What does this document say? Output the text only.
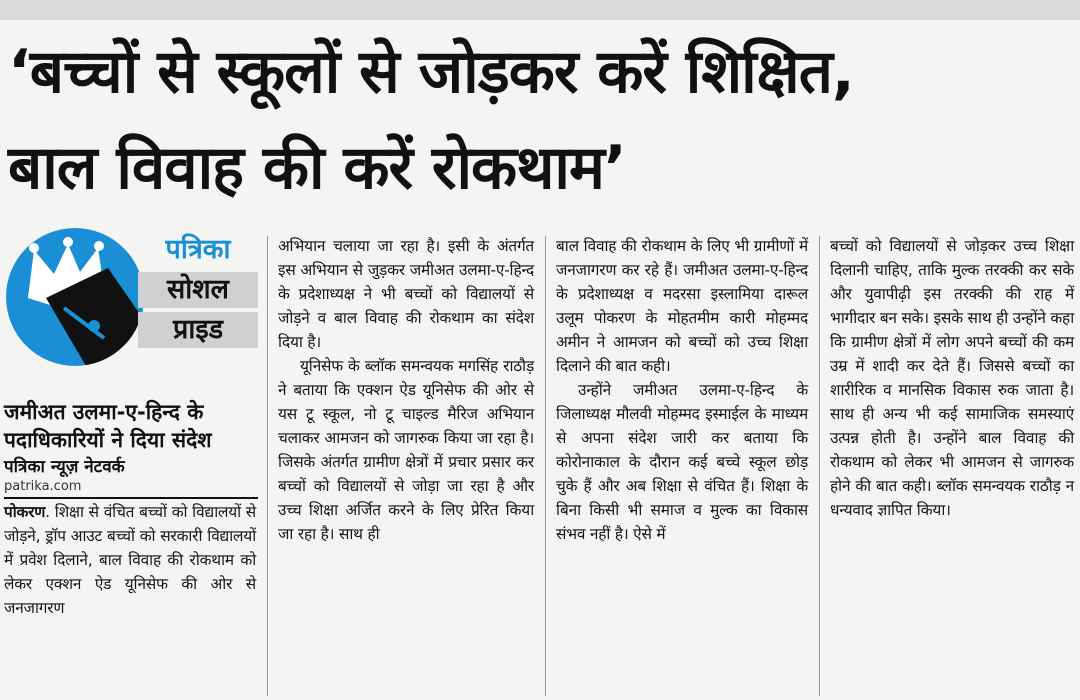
‘बच्चों से स्कूलों से जोड़कर करें शिक्षित,
बाल विवाह की करें रोकथाम’
पत्रिका
सोशल
प्राइड
जमीअत उलमा-ए-हिन्द के पदाधिकारियों ने दिया संदेश
पत्रिका न्यूज़ नेटवर्क
patrika.com

पोकरण. शिक्षा से वंचित बच्चों को विद्यालयों से जोड़ने, ड्रॉप आउट बच्चों को सरकारी विद्यालयों में प्रवेश दिलाने, बाल विवाह की रोकथाम को लेकर एक्शन ऐड यूनिसेफ की ओर से जनजागरण

अभियान चलाया जा रहा है। इसी के अंतर्गत इस अभियान से जुड़कर जमीअत उलमा-ए-हिन्द के प्रदेशाध्यक्ष ने भी बच्चों को विद्यालयों से जोड़ने व बाल विवाह की रोकथाम का संदेश दिया है।

यूनिसेफ के ब्लॉक समन्वयक मगसिंह राठौड़ ने बताया कि एक्शन ऐड यूनिसेफ की ओर से यस टू स्कूल, नो टू चाइल्ड मैरिज अभियान चलाकर आमजन को जागरुक किया जा रहा है। जिसके अंतर्गत ग्रामीण क्षेत्रों में प्रचार प्रसार कर बच्चों को विद्यालयों से जोड़ा जा रहा है और उच्च शिक्षा अर्जित करने के लिए प्रेरित किया जा रहा है। साथ ही

बाल विवाह की रोकथाम के लिए भी ग्रामीणों में जनजागरण कर रहे हैं। जमीअत उलमा-ए-हिन्द के प्रदेशाध्यक्ष व मदरसा इस्लामिया दारूल उलूम पोकरण के मोहतमीम कारी मोहम्मद अमीन ने आमजन को बच्चों को उच्च शिक्षा दिलाने की बात कही।

उन्होंने जमीअत उलमा-ए-हिन्द के जिलाध्यक्ष मौलवी मोहम्मद इस्माईल के माध्यम से अपना संदेश जारी कर बताया कि कोरोनाकाल के दौरान कई बच्चे स्कूल छोड़ चुके हैं और अब शिक्षा से वंचित हैं। शिक्षा के बिना किसी भी समाज व मुल्क का विकास संभव नहीं है। ऐसे में

बच्चों को विद्यालयों से जोड़कर उच्च शिक्षा दिलानी चाहिए, ताकि मुल्क तरक्की कर सके और युवापीढ़ी इस तरक्की की राह में भागीदार बन सके। इसके साथ ही उन्होंने कहा कि ग्रामीण क्षेत्रों में लोग अपने बच्चों की कम उम्र में शादी कर देते हैं। जिससे बच्चों का शारीरिक व मानसिक विकास रुक जाता है। साथ ही अन्य भी कई सामाजिक समस्याएं उत्पन्न होती है। उन्होंने बाल विवाह की रोकथाम को लेकर भी आमजन से जागरुक होने की बात कही। ब्लॉक समन्वयक राठौड़ न धन्यवाद ज्ञापित किया।
